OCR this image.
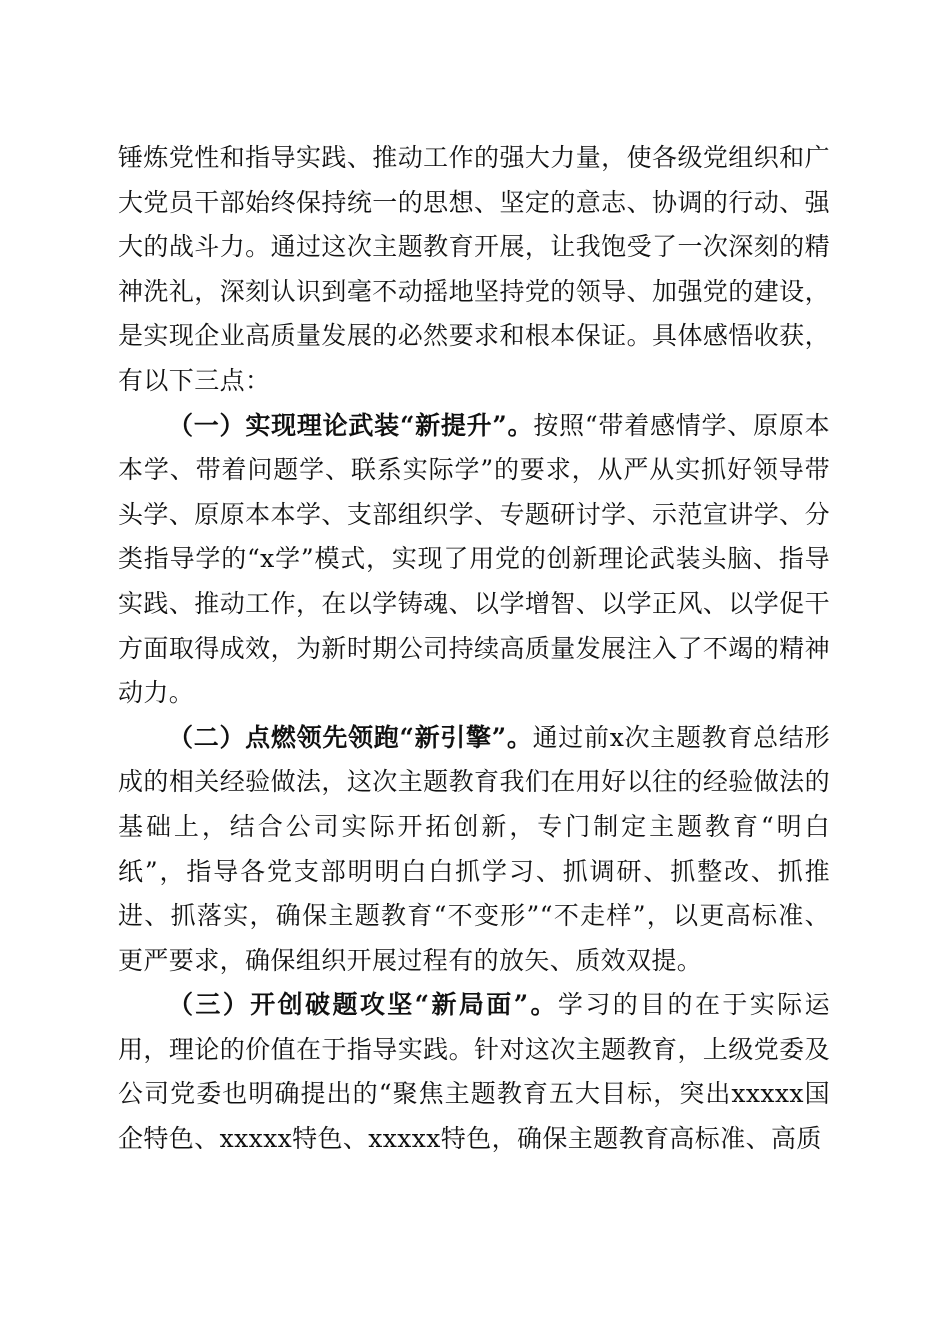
锤炼党性和指导实践、推动工作的强大力量，使各级党组织和广大党员干部始终保持统一的思想、坚定的意志、协调的行动、强大的战斗力。通过这次主题教育开展，让我饱受了一次深刻的精神洗礼，深刻认识到毫不动摇地坚持党的领导、加强党的建设，是实现企业高质量发展的必然要求和根本保证。具体感悟收获，有以下三点：

（一）实现理论武装“新提升”。按照“带着感情学、原原本本学、带着问题学、联系实际学”的要求，从严从实抓好领导带头学、原原本本学、支部组织学、专题研讨学、示范宣讲学、分类指导学的“x学”模式，实现了用党的创新理论武装头脑、指导实践、推动工作，在以学铸魂、以学增智、以学正风、以学促干方面取得成效，为新时期公司持续高质量发展注入了不竭的精神动力。

（二）点燃领先领跑“新引擎”。通过前x次主题教育总结形成的相关经验做法，这次主题教育我们在用好以往的经验做法的基础上，结合公司实际开拓创新，专门制定主题教育“明白纸”，指导各党支部明明白白抓学习、抓调研、抓整改、抓推进、抓落实，确保主题教育“不变形”“不走样”，以更高标准、更严要求，确保组织开展过程有的放矢、质效双提。

（三）开创破题攻坚“新局面”。学习的目的在于实际运用，理论的价值在于指导实践。针对这次主题教育，上级党委及公司党委也明确提出的“聚焦主题教育五大目标，突出xxxxx国企特色、xxxxx特色、xxxxx特色，确保主题教育高标准、高质
